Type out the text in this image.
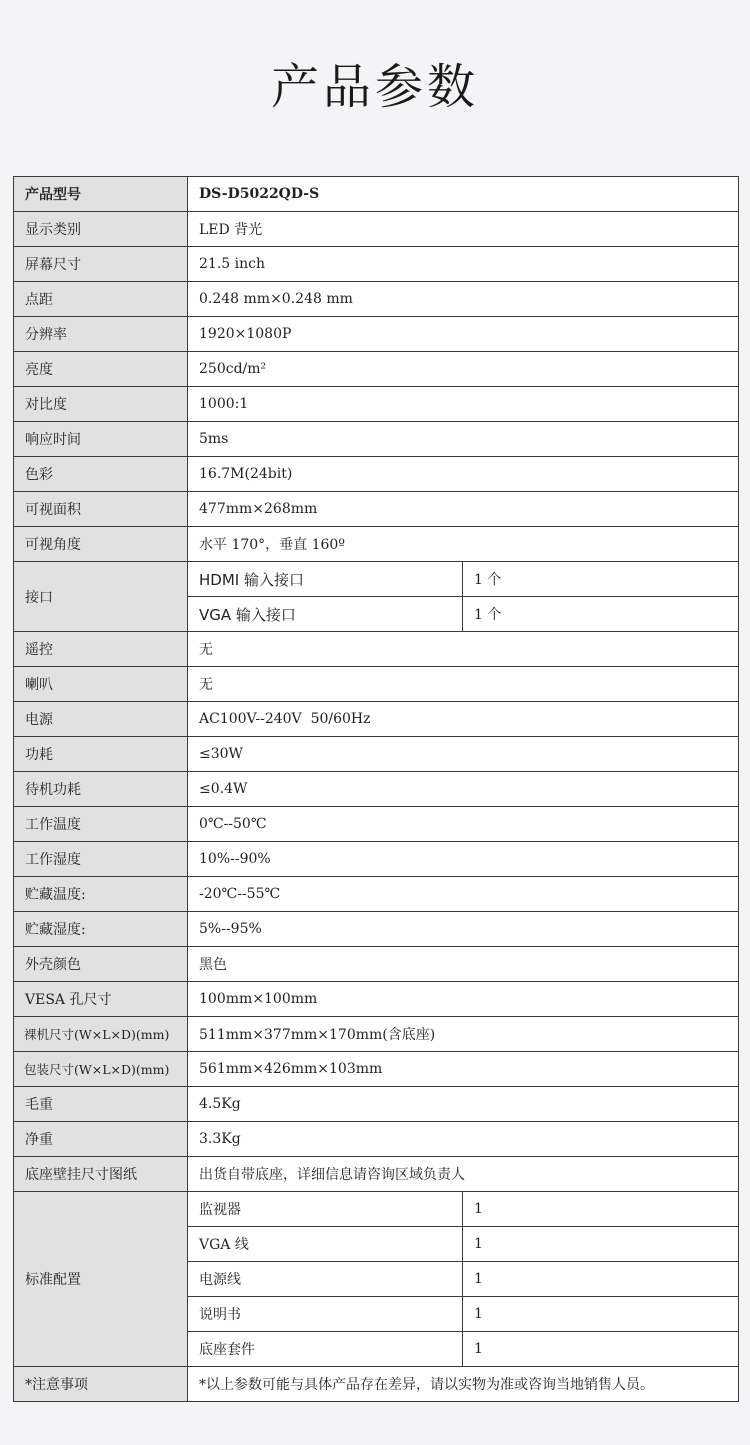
产品参数
产品型号	DS-D5022QD-S	
显示类别	LED 背光	
屏幕尺寸	21.5 inch	
点距	0.248 mm×0.248 mm	
分辨率	1920×1080P	
亮度	250cd/m²	
对比度	1000:1	
响应时间	5ms	
色彩	16.7M(24bit)	
可视面积	477mm×268mm	
可视角度	水平 170°，垂直 160º	
接口	HDMI 输入接口	1 个
	VGA 输入接口	1 个
遥控	无	
喇叭	无	
电源	AC100V--240V  50/60Hz	
功耗	≤30W	
待机功耗	≤0.4W	
工作温度	0℃--50℃	
工作湿度	10%--90%	
贮藏温度:	-20℃--55℃	
贮藏湿度:	5%--95%	
外壳颜色	黑色	
VESA 孔尺寸	100mm×100mm	
裸机尺寸(W×L×D)(mm)	511mm×377mm×170mm(含底座)	
包装尺寸(W×L×D)(mm)	561mm×426mm×103mm	
毛重	4.5Kg	
净重	3.3Kg	
底座壁挂尺寸图纸	出货自带底座，详细信息请咨询区域负责人	
标准配置	监视器	1
	VGA 线	1
	电源线	1
	说明书	1
	底座套件	1
*注意事项	*以上参数可能与具体产品存在差异，请以实物为准或咨询当地销售人员。	
